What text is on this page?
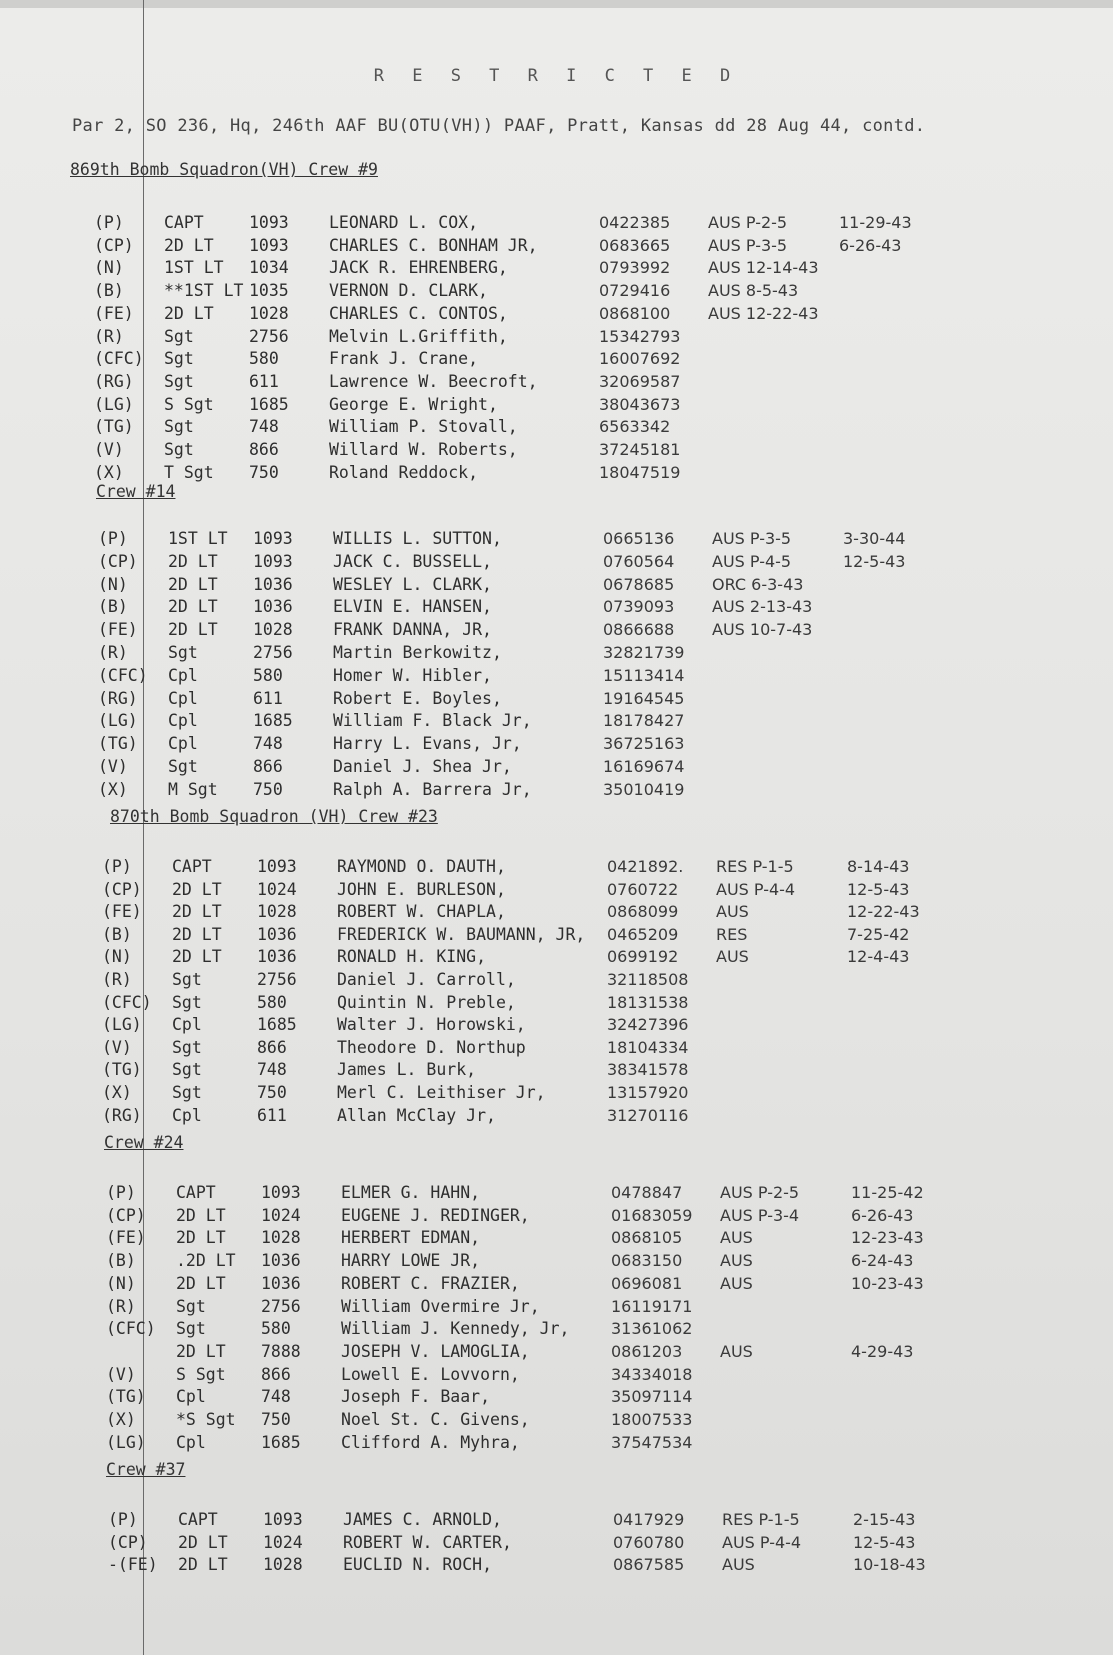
R E S T R I C T E D
Par 2, SO 236, Hq, 246th AAF BU(OTU(VH)) PAAF, Pratt, Kansas dd 28 Aug 44, contd.
869th Bomb Squadron(VH) Crew #9
(P) CAPT	1093 LEONARD L. COX,	0422385 AUS P-2-5	11-29-43
(CP) 2D LT 1093 CHARLES C. BONHAM JR,	0683665 AUS P-3-5	6-26-43
(N) 1ST LT 1034 JACK R. EHRENBERG,	0793992 AUS 12-14-43
(B) **1ST LT 1035 VERNON D. CLARK,	0729416 AUS 8-5-43
(FE) 2D LT 1028 CHARLES C. CONTOS,	0868100 AUS 12-22-43
(R) Sgt	2756 Melvin L.Griffith,	15342793
(CFC) Sgt	580	Frank J. Crane,	16007692
(RG) Sgt	611	Lawrence W. Beecroft,	32069587
(LG) S Sgt 1685 George E. Wright,	38043673
(TG) Sgt	748	William P. Stovall,	6563342
(V) Sgt	866	Willard W. Roberts,	37245181
(X) T Sgt 750	Roland Reddock,	18047519
Crew #14
(P) 1ST LT 1093 WILLIS L. SUTTON,	0665136 AUS P-3-5	3-30-44
(CP) 2D LT 1093 JACK C. BUSSELL,	0760564 AUS P-4-5	12-5-43
(N) 2D LT 1036 WESLEY L. CLARK,	0678685 ORC 6-3-43
(B) 2D LT 1036 ELVIN E. HANSEN,	0739093 AUS 2-13-43
(FE) 2D LT 1028 FRANK DANNA, JR,	0866688 AUS 10-7-43
(R) Sgt	2756 Martin Berkowitz,	32821739
(CFC) Cpl	580	Homer W. Hibler,	15113414
(RG) Cpl	611	Robert E. Boyles,	19164545
(LG) Cpl	1685 William F. Black Jr,	18178427
(TG) Cpl	748	Harry L. Evans, Jr,	36725163
(V) Sgt	866	Daniel J. Shea Jr,	16169674
(X) M Sgt 750	Ralph A. Barrera Jr,	35010419
870th Bomb Squadron (VH) Crew #23
(P) CAPT	1093 RAYMOND O. DAUTH,	0421892. RES P-1-5	8-14-43
(CP) 2D LT 1024 JOHN E. BURLESON,	0760722 AUS P-4-4	12-5-43
(FE) 2D LT 1028 ROBERT W. CHAPLA,	0868099 AUS	12-22-43
(B) 2D LT 1036 FREDERICK W. BAUMANN, JR, 0465209 RES	7-25-42
(N) 2D LT 1036 RONALD H. KING,	0699192 AUS	12-4-43
(R) Sgt	2756 Daniel J. Carroll,	32118508
(CFC) Sgt	580	Quintin N. Preble,	18131538
(LG) Cpl	1685 Walter J. Horowski,	32427396
(V) Sgt	866	Theodore D. Northup	18104334
(TG) Sgt	748	James L. Burk,	38341578
(X) Sgt	750	Merl C. Leithiser Jr,	13157920
(RG) Cpl	611	Allan McClay Jr,	31270116
Crew #24
(P) CAPT	1093 ELMER G. HAHN,	0478847 AUS P-2-5	11-25-42
(CP) 2D LT 1024 EUGENE J. REDINGER,	01683059 AUS P-3-4	6-26-43
(FE) 2D LT 1028 HERBERT EDMAN,	0868105 AUS	12-23-43
(B) .2D LT 1036 HARRY LOWE JR,	0683150 AUS	6-24-43
(N) 2D LT 1036 ROBERT C. FRAZIER,	0696081 AUS	10-23-43
(R) Sgt	2756 William Overmire Jr,	16119171
(CFC) Sgt	580	William J. Kennedy, Jr,	31361062
2D LT 7888 JOSEPH V. LAMOGLIA,	0861203 AUS	4-29-43
(V) S Sgt 866	Lowell E. Lovvorn,	34334018
(TG) Cpl	748	Joseph F. Baar,	35097114
(X) *S Sgt 750	Noel St. C. Givens,	18007533
(LG) Cpl	1685 Clifford A. Myhra,	37547534
Crew #37
(P) CAPT	1093 JAMES C. ARNOLD,	0417929 RES P-1-5	2-15-43
(CP) 2D LT 1024 ROBERT W. CARTER,	0760780 AUS P-4-4	12-5-43
-(FE) 2D LT 1028 EUCLID N. ROCH,	0867585 AUS	10-18-43
